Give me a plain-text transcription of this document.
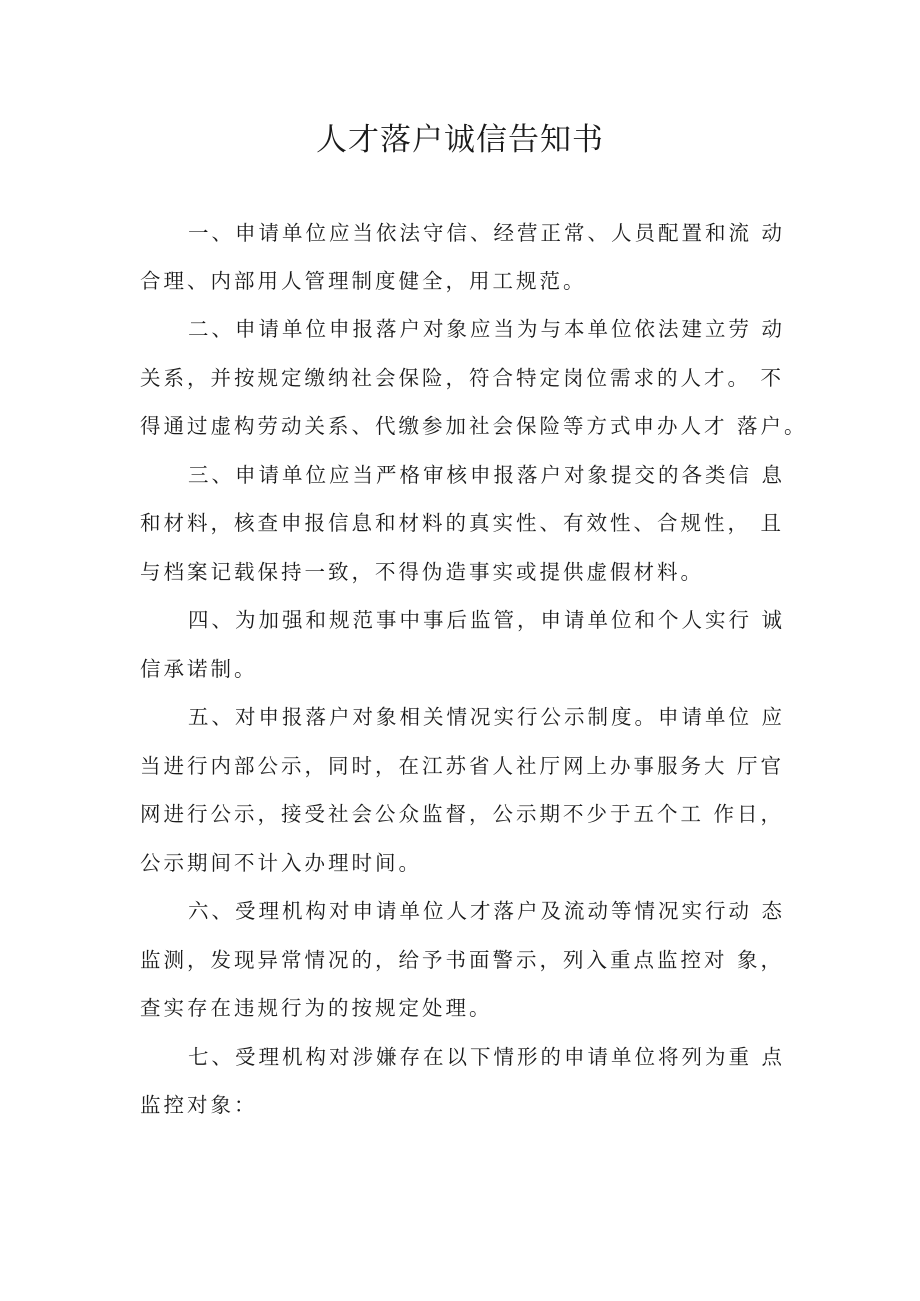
人才落户诚信告知书

一、申请单位应当依法守信、经营正常、人员配置和流 动

合理、内部用人管理制度健全，用工规范。

二、申请单位申报落户对象应当为与本单位依法建立劳 动

关系，并按规定缴纳社会保险，符合特定岗位需求的人才。 不

得通过虚构劳动关系、代缴参加社会保险等方式申办人才 落户。

三、申请单位应当严格审核申报落户对象提交的各类信 息

和材料，核查申报信息和材料的真实性、有效性、合规性， 且

与档案记载保持一致，不得伪造事实或提供虚假材料。

四、为加强和规范事中事后监管，申请单位和个人实行 诚

信承诺制。

五、对申报落户对象相关情况实行公示制度。申请单位 应

当进行内部公示，同时，在江苏省人社厅网上办事服务大 厅官

网进行公示，接受社会公众监督，公示期不少于五个工 作日，

公示期间不计入办理时间。

六、受理机构对申请单位人才落户及流动等情况实行动 态

监测，发现异常情况的，给予书面警示，列入重点监控对 象，

查实存在违规行为的按规定处理。

七、受理机构对涉嫌存在以下情形的申请单位将列为重 点

监控对象：
